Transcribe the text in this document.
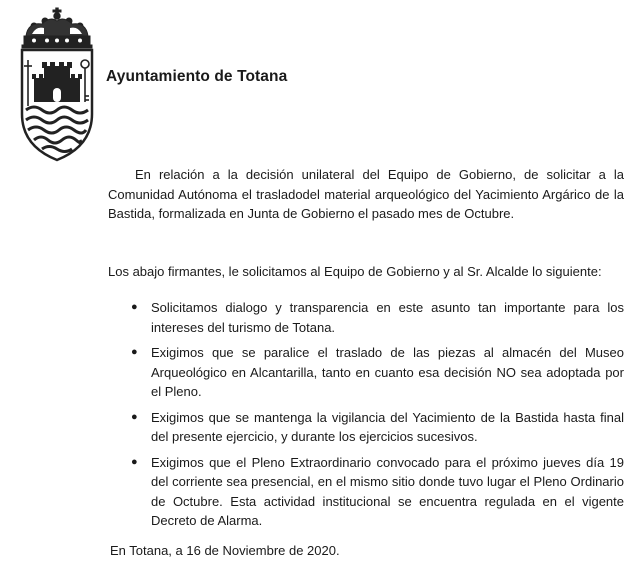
Ayuntamiento de Totana

En relación a la decisión unilateral del Equipo de Gobierno, de solicitar a la Comunidad Autónoma el trasladodel material arqueológico del Yacimiento Argárico de la Bastida, formalizada en Junta de Gobierno el pasado mes de Octubre.

Los abajo firmantes, le solicitamos al Equipo de Gobierno y al Sr. Alcalde lo siguiente:

● Solicitamos dialogo y transparencia en este asunto tan importante para los intereses del turismo de Totana.
● Exigimos que se paralice el traslado de las piezas al almacén del Museo Arqueológico en Alcantarilla, tanto en cuanto esa decisión NO sea adoptada por el Pleno.
● Exigimos que se mantenga la vigilancia del Yacimiento de la Bastida hasta final del presente ejercicio, y durante los ejercicios sucesivos.
● Exigimos que el Pleno Extraordinario convocado para el próximo jueves día 19 del corriente sea presencial, en el mismo sitio donde tuvo lugar el Pleno Ordinario de Octubre. Esta actividad institucional se encuentra regulada en el vigente Decreto de Alarma.
En Totana, a 16 de Noviembre de 2020.
